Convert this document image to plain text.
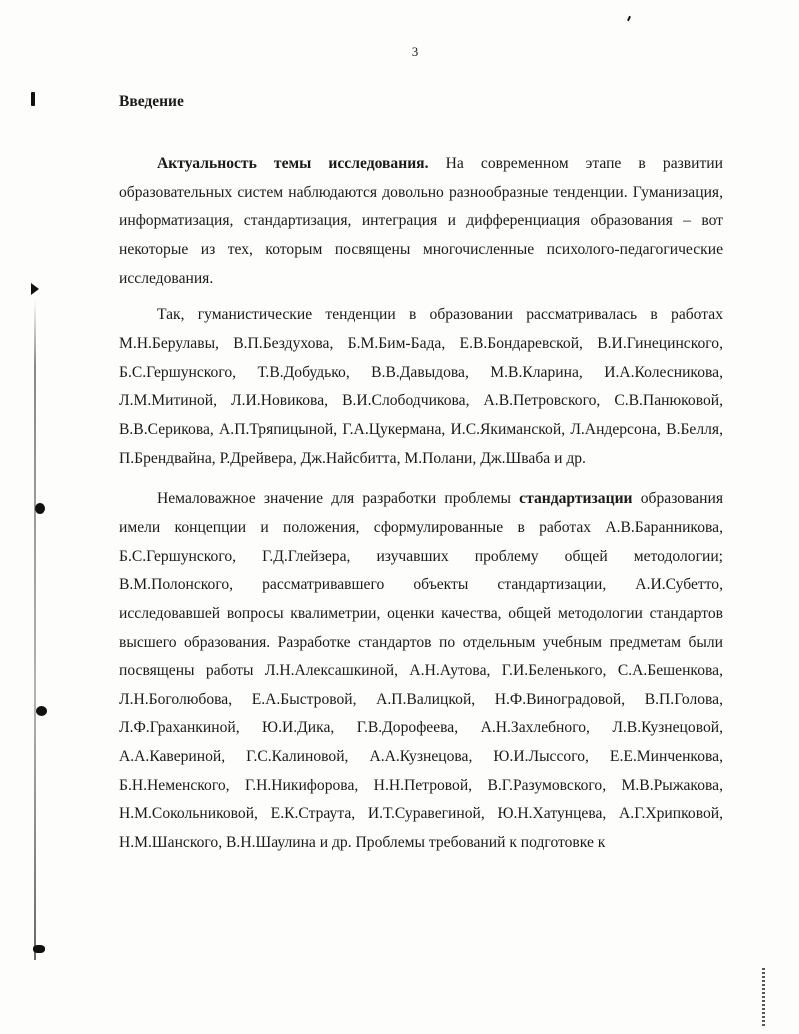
3
Введение

Актуальность темы исследования. На современном этапе в развитии образовательных систем наблюдаются довольно разнообразные тенденции. Гуманизация, информатизация, стандартизация, интеграция и дифференциация образования – вот некоторые из тех, которым посвящены многочисленные психолого-педагогические исследования.

Так, гуманистические тенденции в образовании рассматривалась в работах М.Н.Берулавы, В.П.Бездухова, Б.М.Бим-Бада, Е.В.Бондаревской, В.И.Гинецинского, Б.С.Гершунского, Т.В.Добудько, В.В.Давыдова, М.В.Кларина, И.А.Колесникова, Л.М.Митиной, Л.И.Новикова, В.И.Слободчикова, А.В.Петровского, С.В.Панюковой, В.В.Серикова, А.П.Тряпицыной, Г.А.Цукермана, И.С.Якиманской, Л.Андерсона, В.Белля, П.Брендвайна, Р.Дрейвера, Дж.Найсбитта, М.Полани, Дж.Шваба и др.

Немаловажное значение для разработки проблемы стандартизации образования имели концепции и положения, сформулированные в работах А.В.Баранникова, Б.С.Гершунского, Г.Д.Глейзера, изучавших проблему общей методологии; В.М.Полонского, рассматривавшего объекты стандартизации, А.И.Субетто, исследовавшей вопросы квалиметрии, оценки качества, общей методологии стандартов высшего образования. Разработке стандартов по отдельным учебным предметам были посвящены работы Л.Н.Алексашкиной, А.Н.Аутова, Г.И.Беленького, С.А.Бешенкова, Л.Н.Боголюбова, Е.А.Быстровой, А.П.Валицкой, Н.Ф.Виноградовой, В.П.Голова, Л.Ф.Граханкиной, Ю.И.Дика, Г.В.Дорофеева, А.Н.Захлебного, Л.В.Кузнецовой, А.А.Кавериной, Г.С.Калиновой, А.А.Кузнецова, Ю.И.Лыссого, Е.Е.Минченкова, Б.Н.Неменского, Г.Н.Никифорова, Н.Н.Петровой, В.Г.Разумовского, М.В.Рыжакова, Н.М.Сокольниковой, Е.К.Страута, И.Т.Суравегиной, Ю.Н.Хатунцева, А.Г.Хрипковой, Н.М.Шанского, В.Н.Шаулина и др. Проблемы требований к подготовке к
